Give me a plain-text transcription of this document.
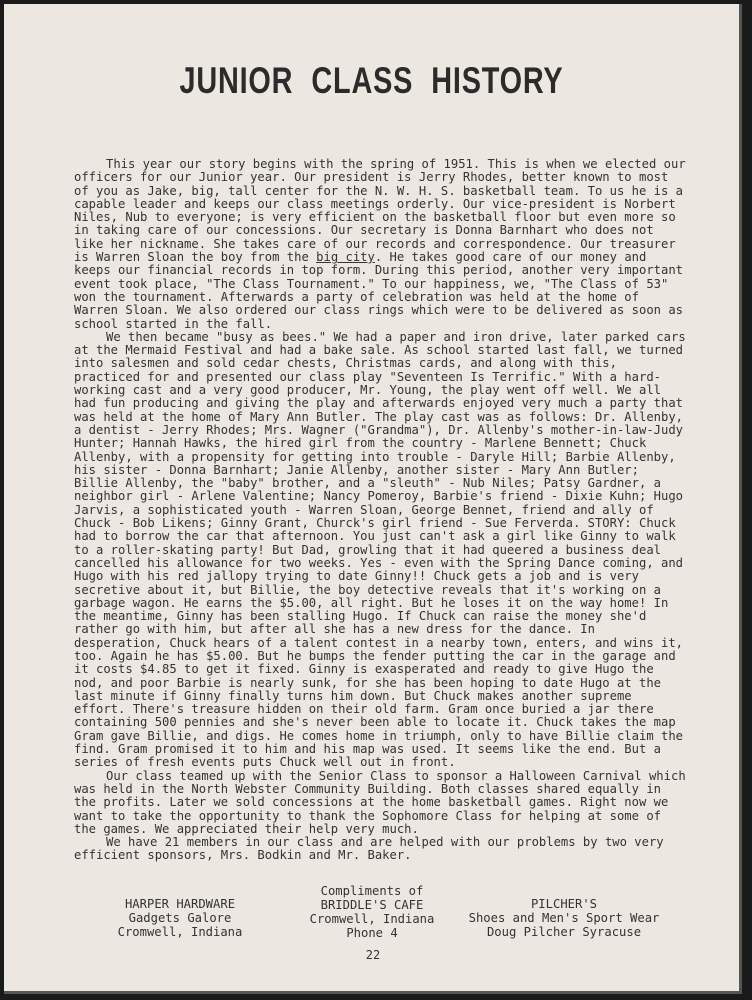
JUNIOR CLASS HISTORY

This year our story begins with the spring of 1951. This is when we elected our officers for our Junior year. Our president is Jerry Rhodes, better known to most of you as Jake, big, tall center for the N. W. H. S. basketball team. To us he is a capable leader and keeps our class meetings orderly. Our vice-president is Norbert Niles, Nub to everyone; is very efficient on the basketball floor but even more so in taking care of our concessions. Our secretary is Donna Barnhart who does not like her nickname. She takes care of our records and correspondence. Our treasurer is Warren Sloan the boy from the big city. He takes good care of our money and keeps our financial records in top form. During this period, another very important event took place, "The Class Tournament." To our happiness, we, "The Class of 53" won the tournament. Afterwards a party of celebration was held at the home of Warren Sloan. We also ordered our class rings which were to be delivered as soon as school started in the fall.

We then became "busy as bees." We had a paper and iron drive, later parked cars at the Mermaid Festival and had a bake sale. As school started last fall, we turned into salesmen and sold cedar chests, Christmas cards, and along with this, practiced for and presented our class play "Seventeen Is Terrific." With a hard-working cast and a very good producer, Mr. Young, the play went off well. We all had fun producing and giving the play and afterwards enjoyed very much a party that was held at the home of Mary Ann Butler. The play cast was as follows: Dr. Allenby, a dentist - Jerry Rhodes; Mrs. Wagner ("Grandma"), Dr. Allenby's mother-in-law-Judy Hunter; Hannah Hawks, the hired girl from the country - Marlene Bennett; Chuck Allenby, with a propensity for getting into trouble - Daryle Hill; Barbie Allenby, his sister - Donna Barnhart; Janie Allenby, another sister - Mary Ann Butler; Billie Allenby, the "baby" brother, and a "sleuth" - Nub Niles; Patsy Gardner, a neighbor girl - Arlene Valentine; Nancy Pomeroy, Barbie's friend - Dixie Kuhn; Hugo Jarvis, a sophisticated youth - Warren Sloan, George Bennet, friend and ally of Chuck - Bob Likens; Ginny Grant, Churck's girl friend - Sue Ferverda. STORY: Chuck had to borrow the car that afternoon. You just can't ask a girl like Ginny to walk to a roller-skating party! But Dad, growling that it had queered a business deal cancelled his allowance for two weeks. Yes - even with the Spring Dance coming, and Hugo with his red jallopy trying to date Ginny!! Chuck gets a job and is very secretive about it, but Billie, the boy detective reveals that it's working on a garbage wagon. He earns the $5.00, all right. But he loses it on the way home! In the meantime, Ginny has been stalling Hugo. If Chuck can raise the money she'd rather go with him, but after all she has a new dress for the dance. In desperation, Chuck hears of a talent contest in a nearby town, enters, and wins it, too. Again he has $5.00. But he bumps the fender putting the car in the garage and it costs $4.85 to get it fixed. Ginny is exasperated and ready to give Hugo the nod, and poor Barbie is nearly sunk, for she has been hoping to date Hugo at the last minute if Ginny finally turns him down. But Chuck makes another supreme effort. There's treasure hidden on their old farm. Gram once buried a jar there containing 500 pennies and she's never been able to locate it. Chuck takes the map Gram gave Billie, and digs. He comes home in triumph, only to have Billie claim the find. Gram promised it to him and his map was used. It seems like the end. But a series of fresh events puts Chuck well out in front.

Our class teamed up with the Senior Class to sponsor a Halloween Carnival which was held in the North Webster Community Building. Both classes shared equally in the profits. Later we sold concessions at the home basketball games. Right now we want to take the opportunity to thank the Sophomore Class for helping at some of the games. We appreciated their help very much.

We have 21 members in our class and are helped with our problems by two very efficient sponsors, Mrs. Bodkin and Mr. Baker.

HARPER HARDWARE
Gadgets Galore
Cromwell, Indiana
Compliments of
BRIDDLE'S CAFE
Cromwell, Indiana
Phone 4
PILCHER'S
Shoes and Men's Sport Wear
Doug Pilcher Syracuse
22
